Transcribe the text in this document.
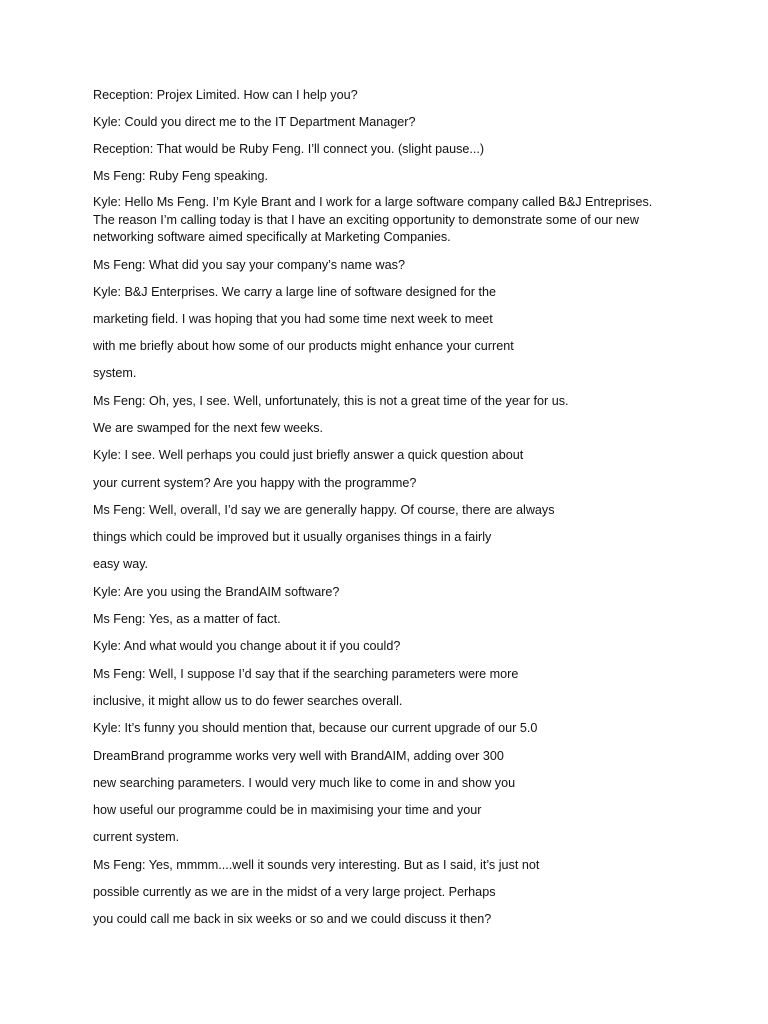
Reception: Projex Limited. How can I help you?
Kyle: Could you direct me to the IT Department Manager?
Reception: That would be Ruby Feng. I’ll connect you. (slight pause...)
Ms Feng: Ruby Feng speaking.
Kyle: Hello Ms Feng. I’m Kyle Brant and I work for a large software company called B&J Entreprises.
The reason I’m calling today is that I have an exciting opportunity to demonstrate some of our new
networking software aimed specifically at Marketing Companies.
Ms Feng: What did you say your company’s name was?
Kyle: B&J Enterprises. We carry a large line of software designed for the
marketing field. I was hoping that you had some time next week to meet
with me briefly about how some of our products might enhance your current
system.
Ms Feng: Oh, yes, I see. Well, unfortunately, this is not a great time of the year for us.
We are swamped for the next few weeks.
Kyle: I see. Well perhaps you could just briefly answer a quick question about
your current system? Are you happy with the programme?
Ms Feng: Well, overall, I’d say we are generally happy. Of course, there are always
things which could be improved but it usually organises things in a fairly
easy way.
Kyle: Are you using the BrandAIM software?
Ms Feng: Yes, as a matter of fact.
Kyle: And what would you change about it if you could?
Ms Feng: Well, I suppose I’d say that if the searching parameters were more
inclusive, it might allow us to do fewer searches overall.
Kyle: It’s funny you should mention that, because our current upgrade of our 5.0
DreamBrand programme works very well with BrandAIM, adding over 300
new searching parameters. I would very much like to come in and show you
how useful our programme could be in maximising your time and your
current system.
Ms Feng: Yes, mmmm....well it sounds very interesting. But as I said, it’s just not
possible currently as we are in the midst of a very large project. Perhaps
you could call me back in six weeks or so and we could discuss it then?
